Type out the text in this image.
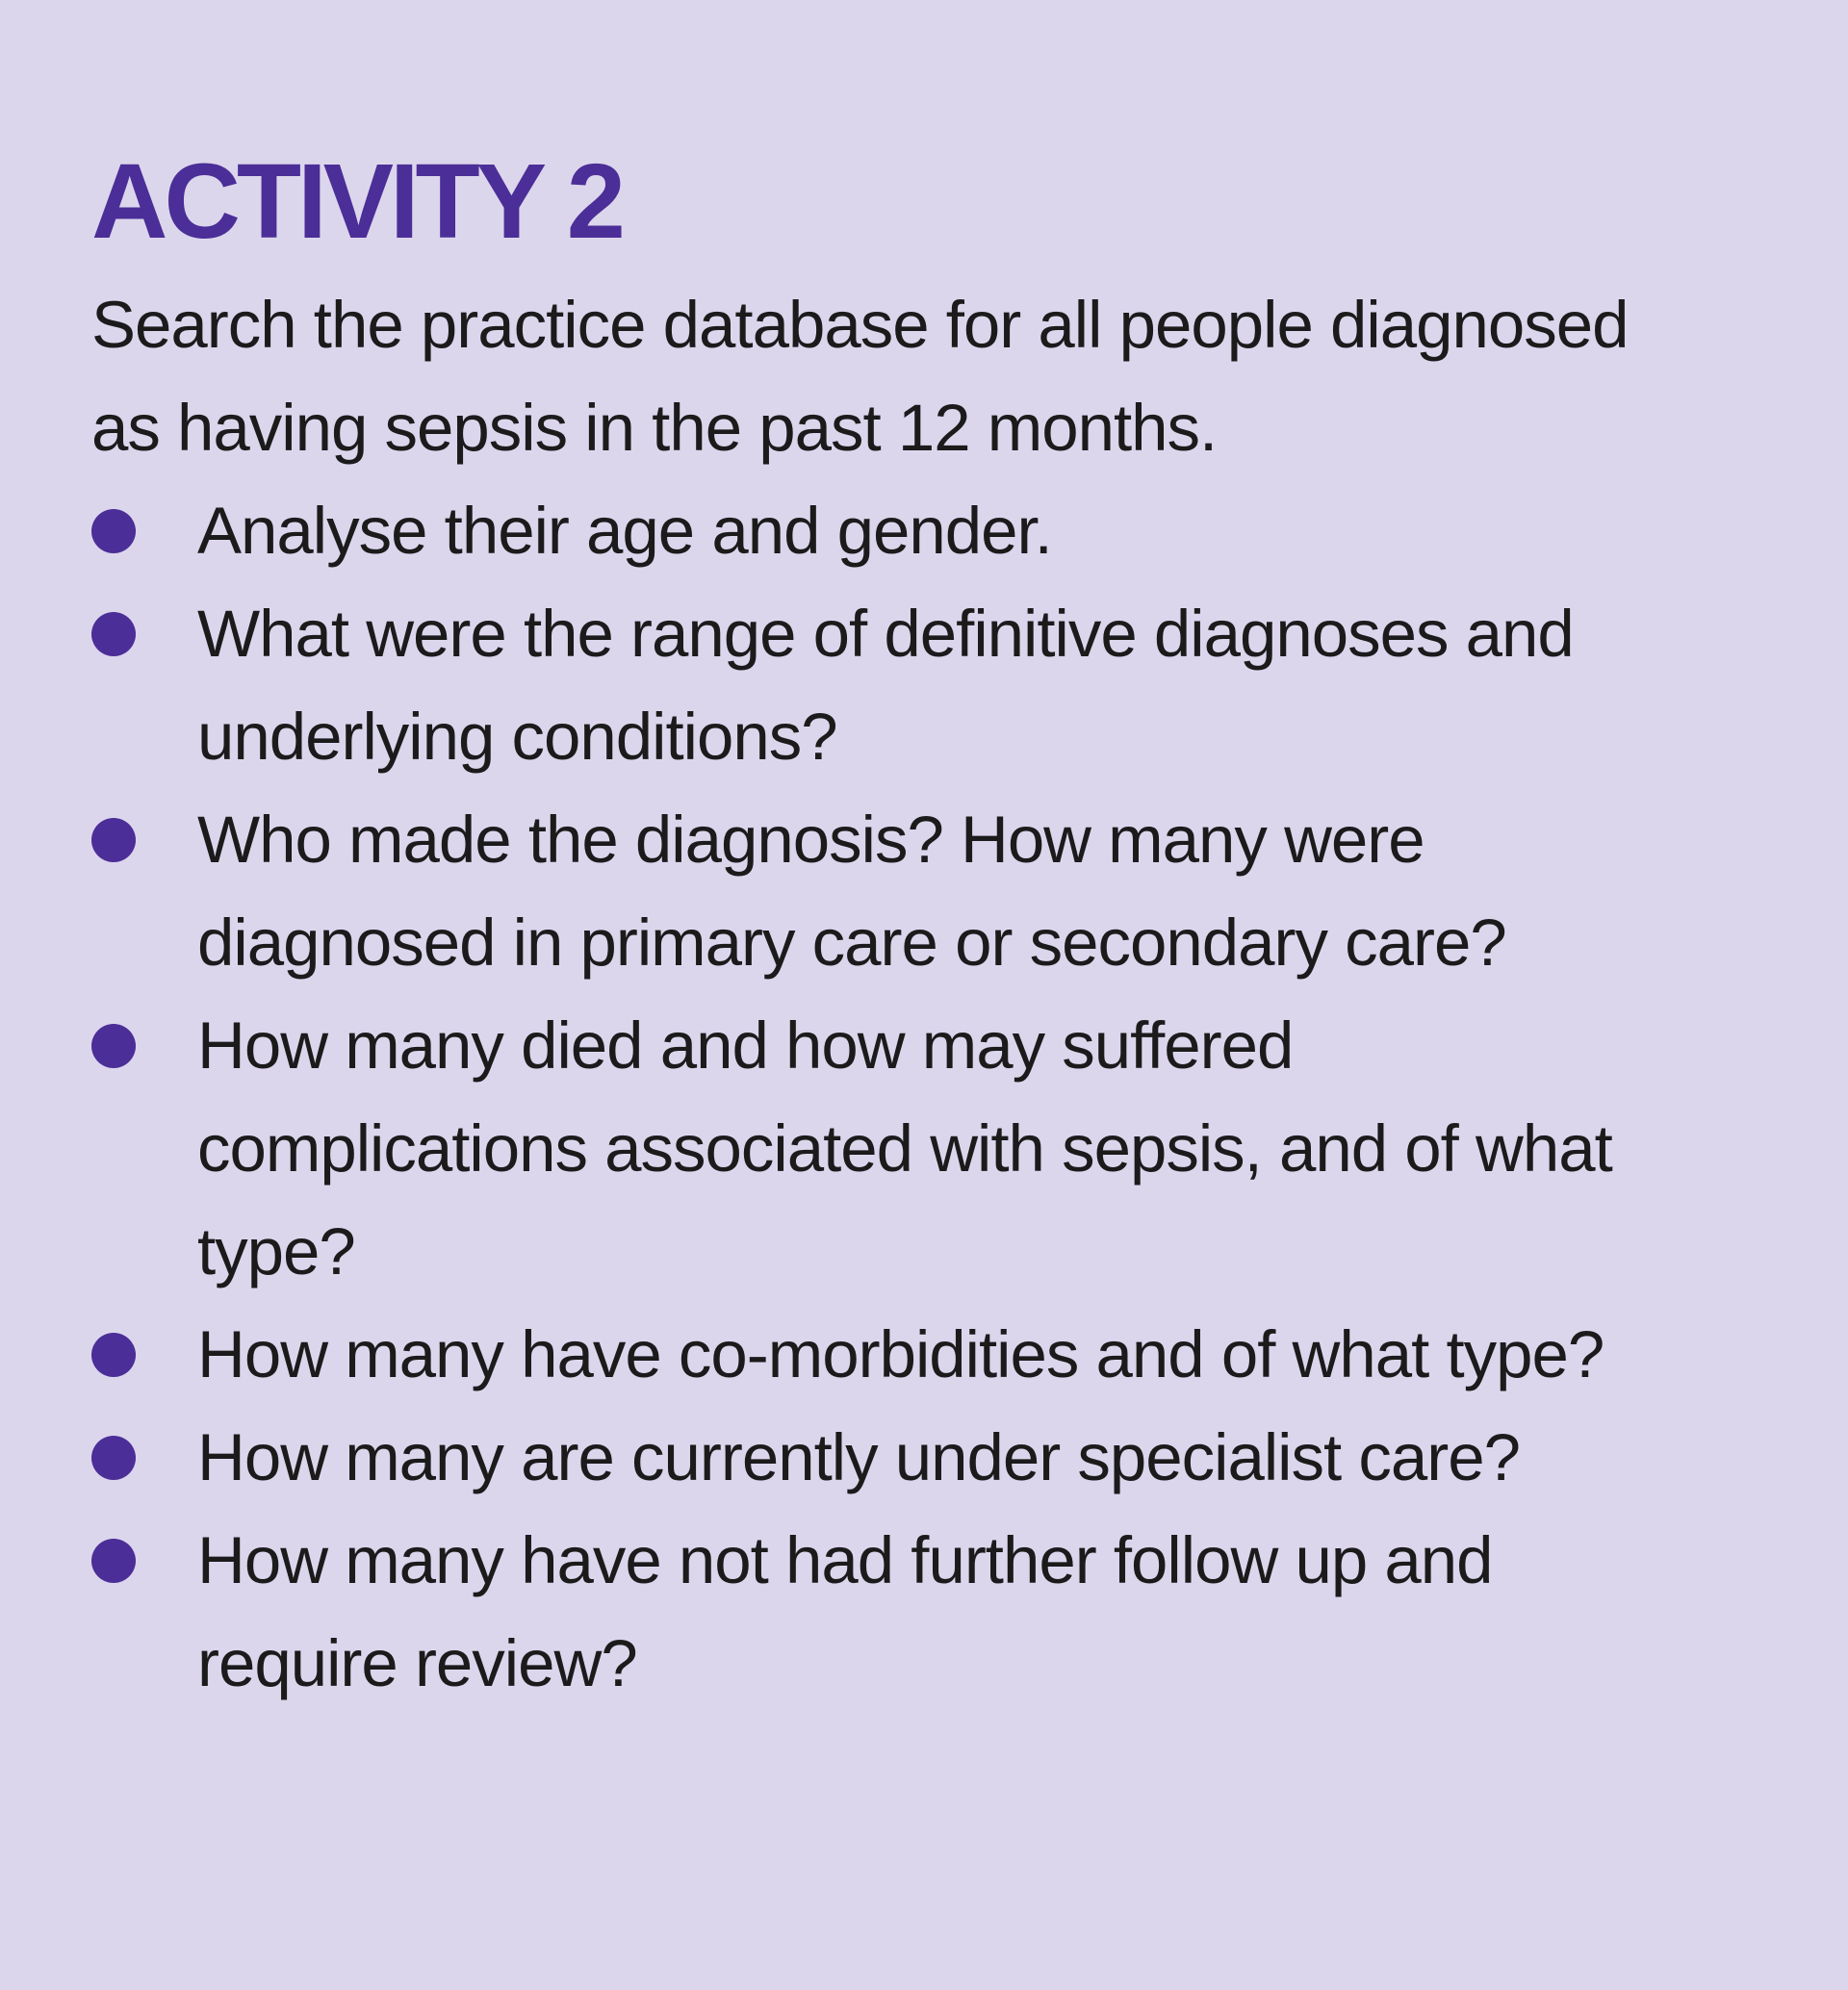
ACTIVITY 2

Search the practice database for all people diagnosed
as having sepsis in the past 12 months.

Analyse their age and gender.
What were the range of definitive diagnoses and
underlying conditions?
Who made the diagnosis? How many were
diagnosed in primary care or secondary care?
How many died and how may suffered
complications associated with sepsis, and of what
type?
How many have co-morbidities and of what type?
How many are currently under specialist care?
How many have not had further follow up and
require review?
